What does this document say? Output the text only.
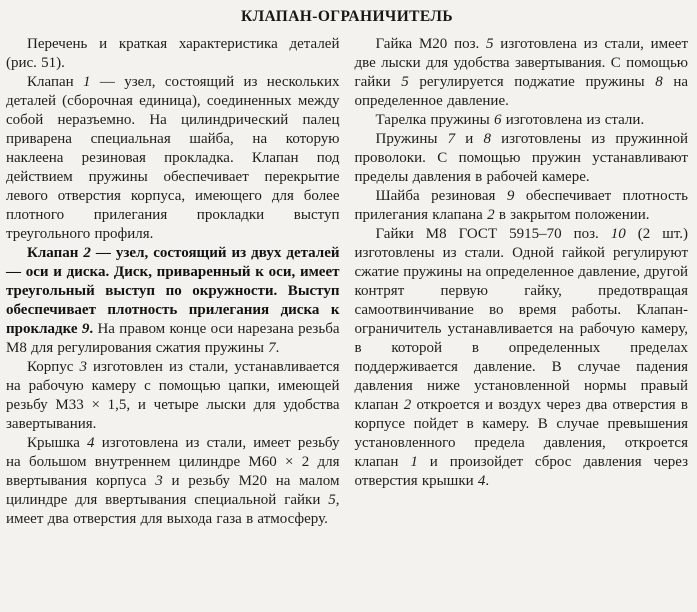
КЛАПАН-ОГРАНИЧИТЕЛЬ

Перечень и краткая характеристика деталей (рис. 51).

Клапан 1 — узел, состоящий из нескольких деталей (сборочная единица), соединенных между собой неразъемно. На цилиндрический палец приварена специальная шайба, на которую наклеена резиновая прокладка. Клапан под действием пружины обеспечивает перекрытие левого отверстия корпуса, имеющего для более плотного прилегания прокладки выступ треугольного профиля.

Клапан 2 — узел, состоящий из двух деталей — оси и диска. Диск, приваренный к оси, имеет треугольный выступ по окружности. Выступ обеспечивает плотность прилегания диска к прокладке 9. На правом конце оси нарезана резьба М8 для регулирования сжатия пружины 7.

Корпус 3 изготовлен из стали, устанавливается на рабочую камеру с помощью цапки, имеющей резьбу М33 × 1,5, и четыре лыски для удобства завертывания.

Крышка 4 изготовлена из стали, имеет резьбу на большом внутреннем цилиндре М60 × 2 для ввертывания корпуса 3 и резьбу М20 на малом цилиндре для ввертывания специальной гайки 5, имеет два отверстия для выхода газа в атмосферу.

Гайка М20 поз. 5 изготовлена из стали, имеет две лыски для удобства завертывания. С помощью гайки 5 регулируется поджатие пружины 8 на определенное давление.

Тарелка пружины 6 изготовлена из стали.

Пружины 7 и 8 изготовлены из пружинной проволоки. С помощью пружин устанавливают пределы давления в рабочей камере.

Шайба резиновая 9 обеспечивает плотность прилегания клапана 2 в закрытом положении.

Гайки М8 ГОСТ 5915–70 поз. 10 (2 шт.) изготовлены из стали. Одной гайкой регулируют сжатие пружины на определенное давление, другой контрят первую гайку, предотвращая самоотвинчивание во время работы. Клапан-ограничитель устанавливается на рабочую камеру, в которой в определенных пределах поддерживается давление. В случае падения давления ниже установленной нормы правый клапан 2 откроется и воздух через два отверстия в корпусе пойдет в камеру. В случае превышения установленного предела давления, откроется клапан 1 и произойдет сброс давления через отверстия крышки 4.
